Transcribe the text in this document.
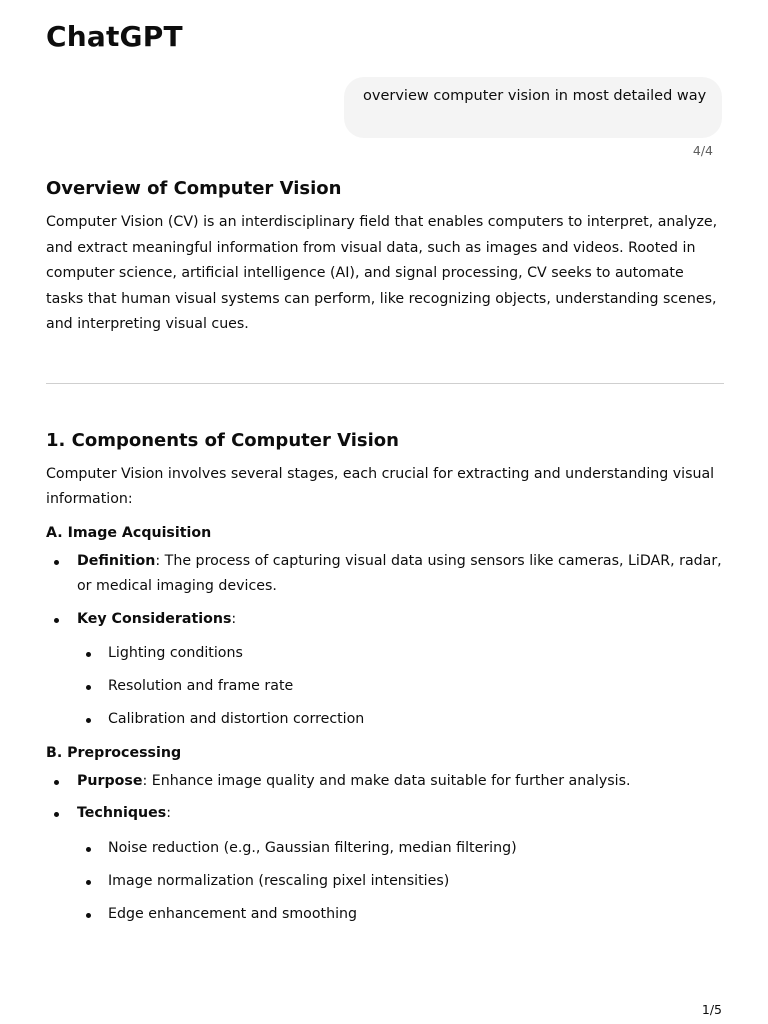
ChatGPT
overview computer vision in most detailed way
4/4
Overview of Computer Vision

Computer Vision (CV) is an interdisciplinary field that enables computers to interpret, analyze, and extract meaningful information from visual data, such as images and videos. Rooted in computer science, artificial intelligence (AI), and signal processing, CV seeks to automate tasks that human visual systems can perform, like recognizing objects, understanding scenes, and interpreting visual cues.

1. Components of Computer Vision

Computer Vision involves several stages, each crucial for extracting and understanding visual information:

A. Image Acquisition
Definition: The process of capturing visual data using sensors like cameras, LiDAR, radar, or medical imaging devices.
Key Considerations:
Lighting conditions
Resolution and frame rate
Calibration and distortion correction
B. Preprocessing
Purpose: Enhance image quality and make data suitable for further analysis.
Techniques:
Noise reduction (e.g., Gaussian filtering, median filtering)
Image normalization (rescaling pixel intensities)
Edge enhancement and smoothing
1/5
